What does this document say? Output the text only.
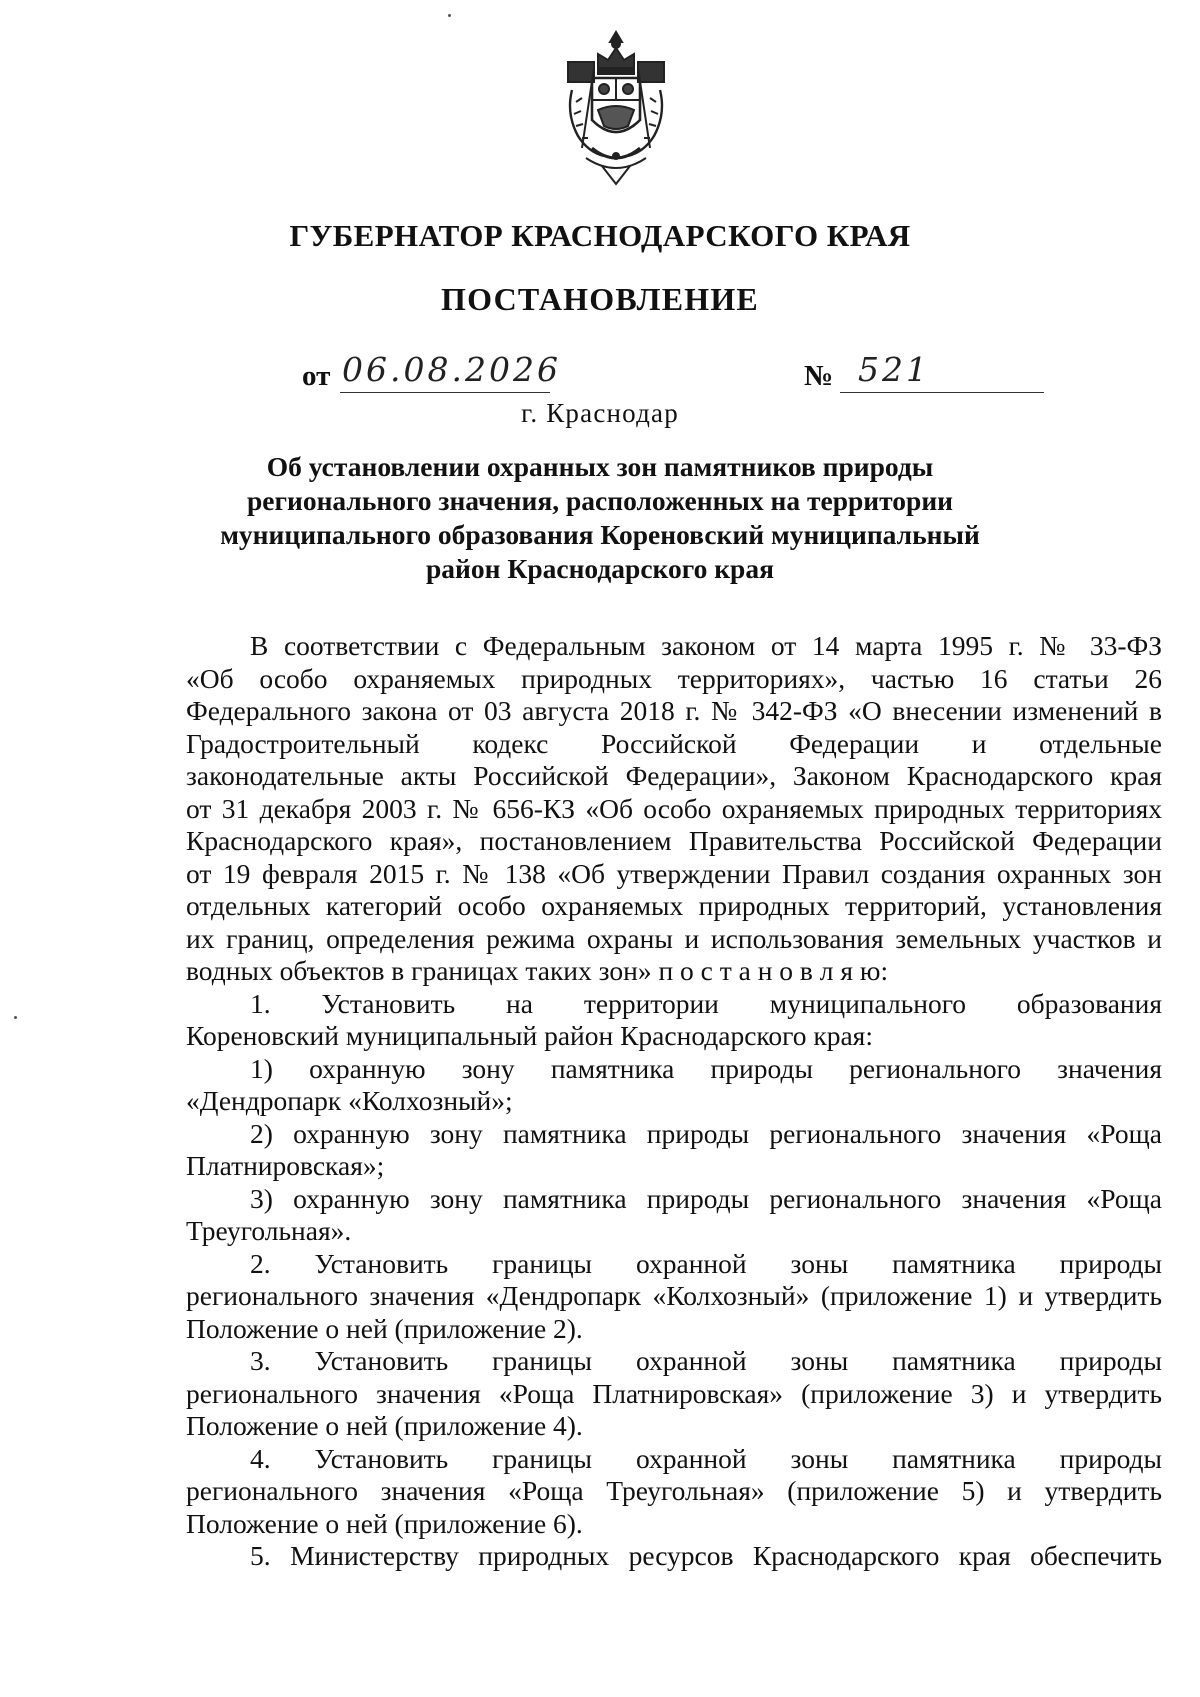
ГУБЕРНАТОР КРАСНОДАРСКОГО КРАЯ
ПОСТАНОВЛЕНИЕ
от 06.08.2026	№ 521

г. Краснодар

Об установлении охранных зон памятников природы
регионального значения, расположенных на территории
муниципального образования Кореновский муниципальный
район Краснодарского края
В соответствии с Федеральным законом от 14 марта 1995 г. № 33-ФЗ
«Об особо охраняемых природных территориях», частью 16 статьи 26
Федерального закона от 03 августа 2018 г. № 342-ФЗ «О внесении изменений в
Градостроительный кодекс Российской Федерации и отдельные
законодательные акты Российской Федерации», Законом Краснодарского края
от 31 декабря 2003 г. № 656-КЗ «Об особо охраняемых природных территориях
Краснодарского края», постановлением Правительства Российской Федерации
от 19 февраля 2015 г. № 138 «Об утверждении Правил создания охранных зон
отдельных категорий особо охраняемых природных территорий, установления
их границ, определения режима охраны и использования земельных участков и
водных объектов в границах таких зон» п о с т а н о в л я ю:
1. Установить на территории муниципального образования
Кореновский муниципальный район Краснодарского края:
1) охранную зону памятника природы регионального значения
«Дендропарк «Колхозный»;
2) охранную зону памятника природы регионального значения «Роща
Платнировская»;
3) охранную зону памятника природы регионального значения «Роща
Треугольная».
2. Установить границы охранной зоны памятника природы
регионального значения «Дендропарк «Колхозный» (приложение 1) и утвердить
Положение о ней (приложение 2).
3. Установить границы охранной зоны памятника природы
регионального значения «Роща Платнировская» (приложение 3) и утвердить
Положение о ней (приложение 4).
4. Установить границы охранной зоны памятника природы
регионального значения «Роща Треугольная» (приложение 5) и утвердить
Положение о ней (приложение 6).
5. Министерству природных ресурсов Краснодарского края обеспечить
